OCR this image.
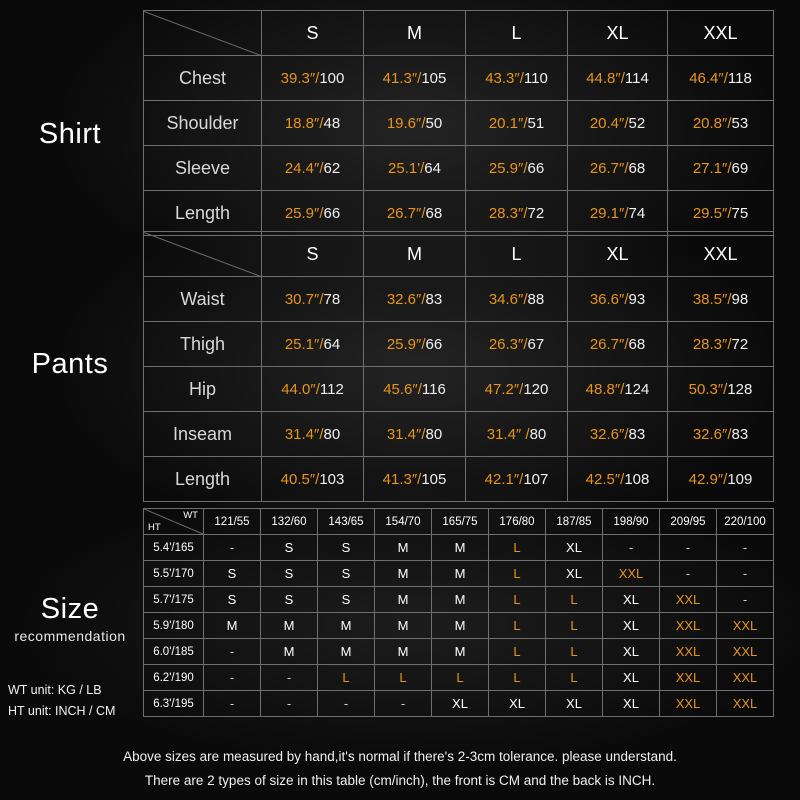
Shirt
	S	M	L	XL	XXL
Chest	39.3″/100	41.3″/105	43.3″/110	44.8″/114	46.4″/118
Shoulder	18.8″/48	19.6″/50	20.1″/51	20.4″/52	20.8″/53
Sleeve	24.4″/62	25.1'/64	25.9″/66	26.7″/68	27.1″/69
Length	25.9″/66	26.7″/68	28.3″/72	29.1″/74	29.5″/75
Pants
	S	M	L	XL	XXL
Waist	30.7″/78	32.6″/83	34.6″/88	36.6″/93	38.5″/98
Thigh	25.1″/64	25.9″/66	26.3″/67	26.7″/68	28.3″/72
Hip	44.0″/112	45.6″/116	47.2″/120	48.8″/124	50.3″/128
Inseam	31.4″/80	31.4″/80	31.4″ /80	32.6″/83	32.6″/83
Length	40.5″/103	41.3″/105	42.1″/107	42.5″/108	42.9″/109
Size
recommendation
WT unit: KG / LB
HT unit: INCH / CM
WT
HT	121/55	132/60	143/65	154/70	165/75	176/80	187/85	198/90	209/95	220/100
5.4'/165	-	S	S	M	M	L	XL	-	-	-
5.5'/170	S	S	S	M	M	L	XL	XXL	-	-
5.7'/175	S	S	S	M	M	L	L	XL	XXL	-
5.9'/180	M	M	M	M	M	L	L	XL	XXL	XXL
6.0'/185	-	M	M	M	M	L	L	XL	XXL	XXL
6.2'/190	-	-	L	L	L	L	L	XL	XXL	XXL
6.3'/195	-	-	-	-	XL	XL	XL	XL	XXL	XXL
Above sizes are measured by hand,it's normal if there's 2-3cm tolerance. please understand.
There are 2 types of size in this table (cm/inch), the front is CM and the back is INCH.
